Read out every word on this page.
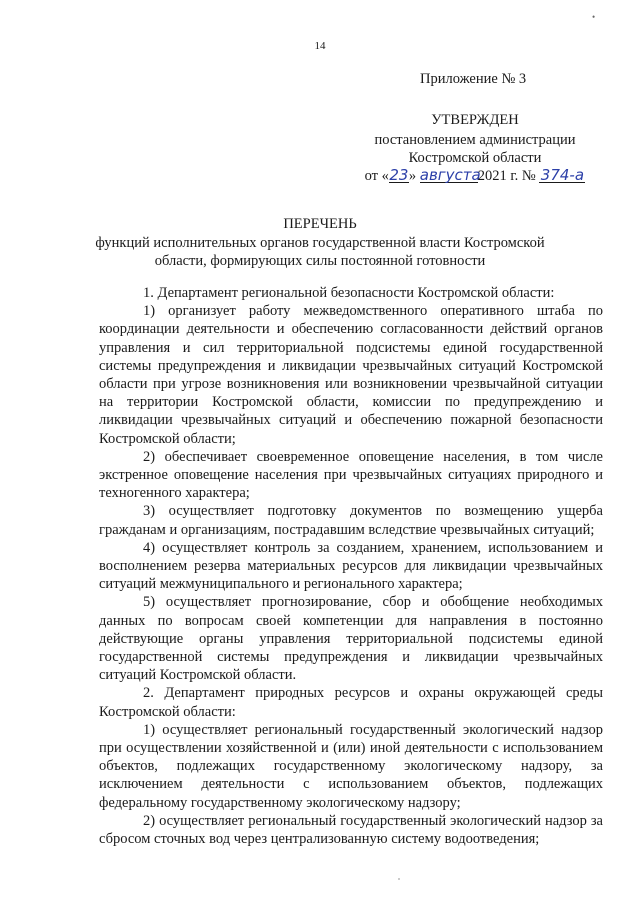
•
14
Приложение № 3
УТВЕРЖДЕН
постановлением администрации
Костромской области
от «23» августа2021 г. № 374-а
ПЕРЕЧЕНЬ
функций исполнительных органов государственной власти Костромской области, формирующих силы постоянной готовности

1. Департамент региональной безопасности Костромской области:

1) организует работу межведомственного оперативного штаба по координации деятельности и обеспечению согласованности действий органов управления и сил территориальной подсистемы единой государственной системы предупреждения и ликвидации чрезвычайных ситуаций Костромской области при угрозе возникновения или возникновении чрезвычайной ситуации на территории Костромской области, комиссии по предупреждению и ликвидации чрезвычайных ситуаций и обеспечению пожарной безопасности Костромской области;

2) обеспечивает своевременное оповещение населения, в том числе экстренное оповещение населения при чрезвычайных ситуациях природного и техногенного характера;

3) осуществляет подготовку документов по возмещению ущерба гражданам и организациям, пострадавшим вследствие чрезвычайных ситуаций;

4) осуществляет контроль за созданием, хранением, использованием и восполнением резерва материальных ресурсов для ликвидации чрезвычайных ситуаций межмуниципального и регионального характера;

5) осуществляет прогнозирование, сбор и обобщение необходимых данных по вопросам своей компетенции для направления в постоянно действующие органы управления территориальной подсистемы единой государственной системы предупреждения и ликвидации чрезвычайных ситуаций Костромской области.

2. Департамент природных ресурсов и охраны окружающей среды Костромской области:

1) осуществляет региональный государственный экологический надзор при осуществлении хозяйственной и (или) иной деятельности с использованием объектов, подлежащих государственному экологическому надзору, за исключением деятельности с использованием объектов, подлежащих федеральному государственному экологическому надзору;

2) осуществляет региональный государственный экологический надзор за сбросом сточных вод через централизованную систему водоотведения;
